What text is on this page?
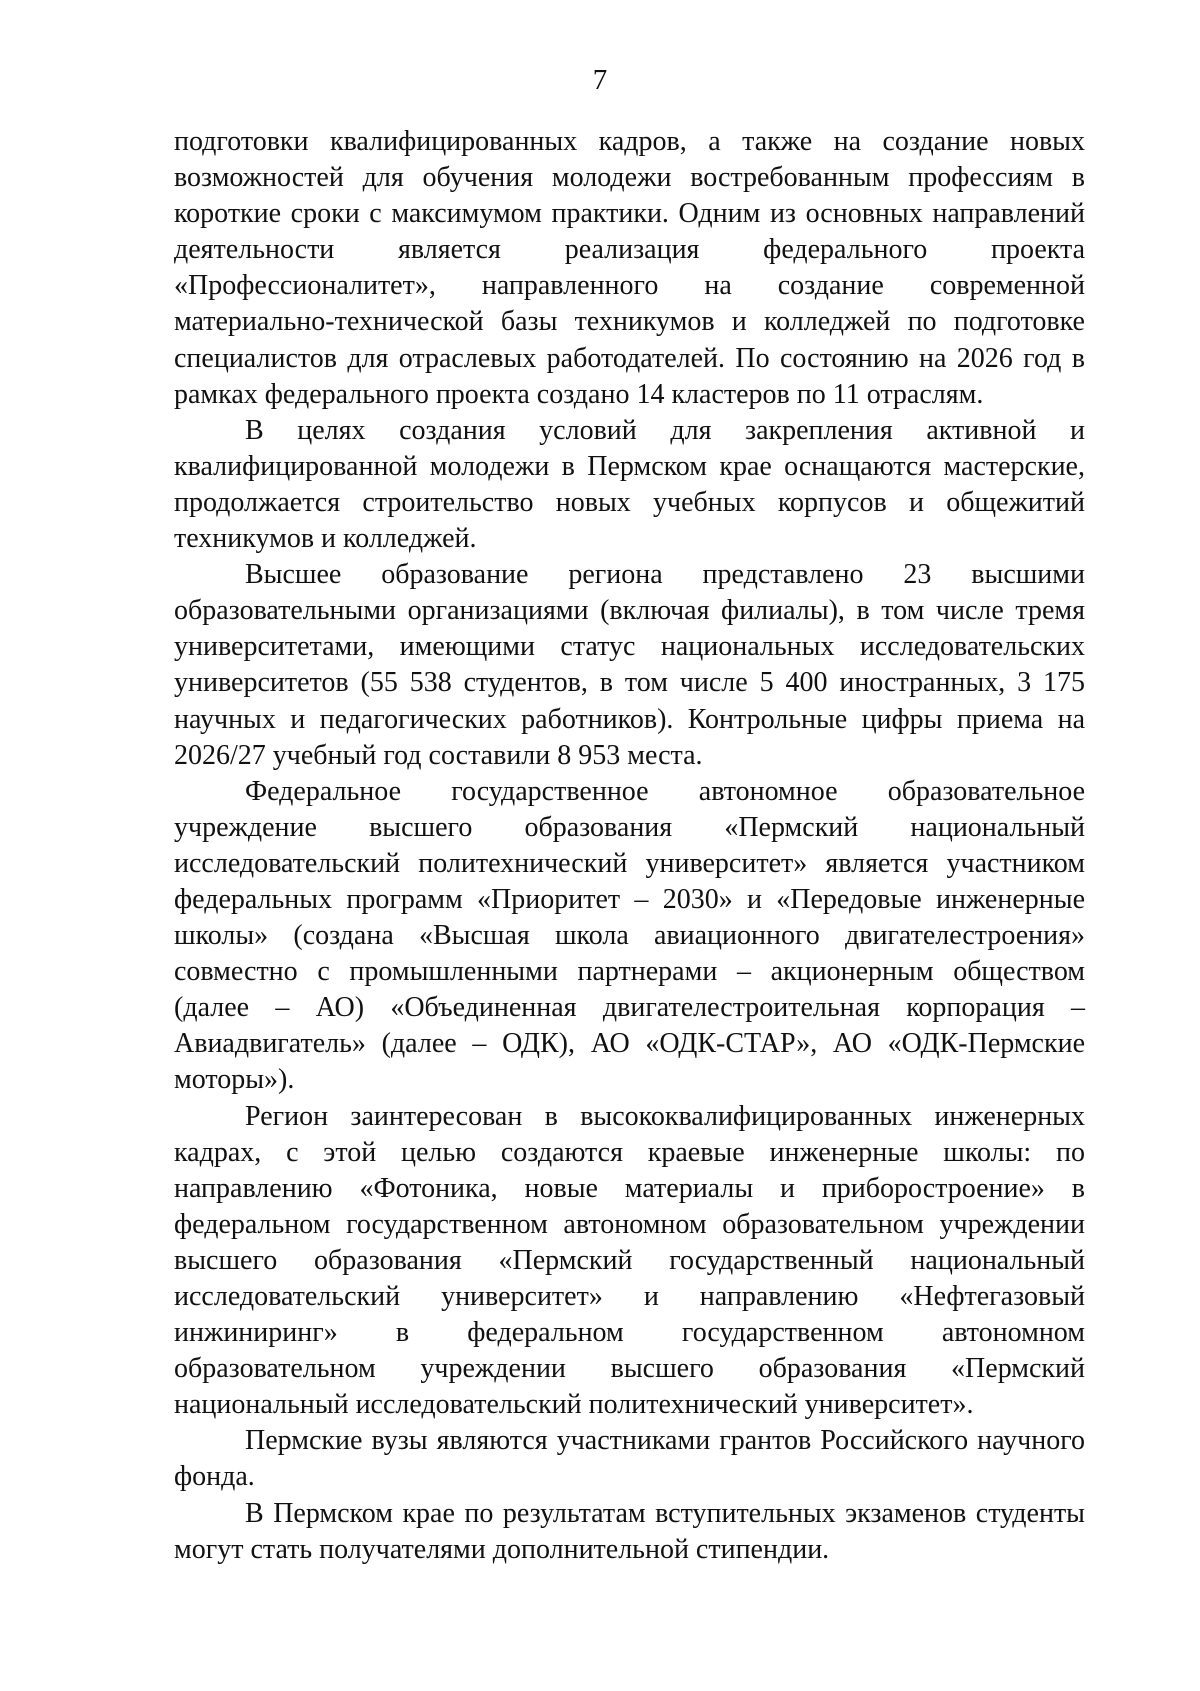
7

подготовки квалифицированных кадров, а также на создание новых возможностей для обучения молодежи востребованным профессиям в короткие сроки с максимумом практики. Одним из основных направлений деятельности является реализация федерального проекта «Профессионалитет», направленного на создание современной материально-технической базы техникумов и колледжей по подготовке специалистов для отраслевых работодателей. По состоянию на 2026 год в рамках федерального проекта создано 14 кластеров по 11 отраслям.

В целях создания условий для закрепления активной и квалифицированной молодежи в Пермском крае оснащаются мастерские, продолжается строительство новых учебных корпусов и общежитий техникумов и колледжей.

Высшее образование региона представлено 23 высшими образовательными организациями (включая филиалы), в том числе тремя университетами, имеющими статус национальных исследовательских университетов (55 538 студентов, в том числе 5 400 иностранных, 3 175 научных и педагогических работников). Контрольные цифры приема на 2026/27 учебный год составили 8 953 места.

Федеральное государственное автономное образовательное учреждение высшего образования «Пермский национальный исследовательский политехнический университет» является участником федеральных программ «Приоритет – 2030» и «Передовые инженерные школы» (создана «Высшая школа авиационного двигателестроения» совместно с промышленными партнерами – акционерным обществом (далее – АО) «Объединенная двигателестроительная корпорация – Авиадвигатель» (далее – ОДК), АО «ОДК-СТАР», АО «ОДК-Пермские моторы»).

Регион заинтересован в высококвалифицированных инженерных кадрах, с этой целью создаются краевые инженерные школы: по направлению «Фотоника, новые материалы и приборостроение» в федеральном государственном автономном образовательном учреждении высшего образования «Пермский государственный национальный исследовательский университет» и направлению «Нефтегазовый инжиниринг» в федеральном государственном автономном образовательном учреждении высшего образования «Пермский национальный исследовательский политехнический университет».

Пермские вузы являются участниками грантов Российского научного фонда.

В Пермском крае по результатам вступительных экзаменов студенты могут стать получателями дополнительной стипендии.
